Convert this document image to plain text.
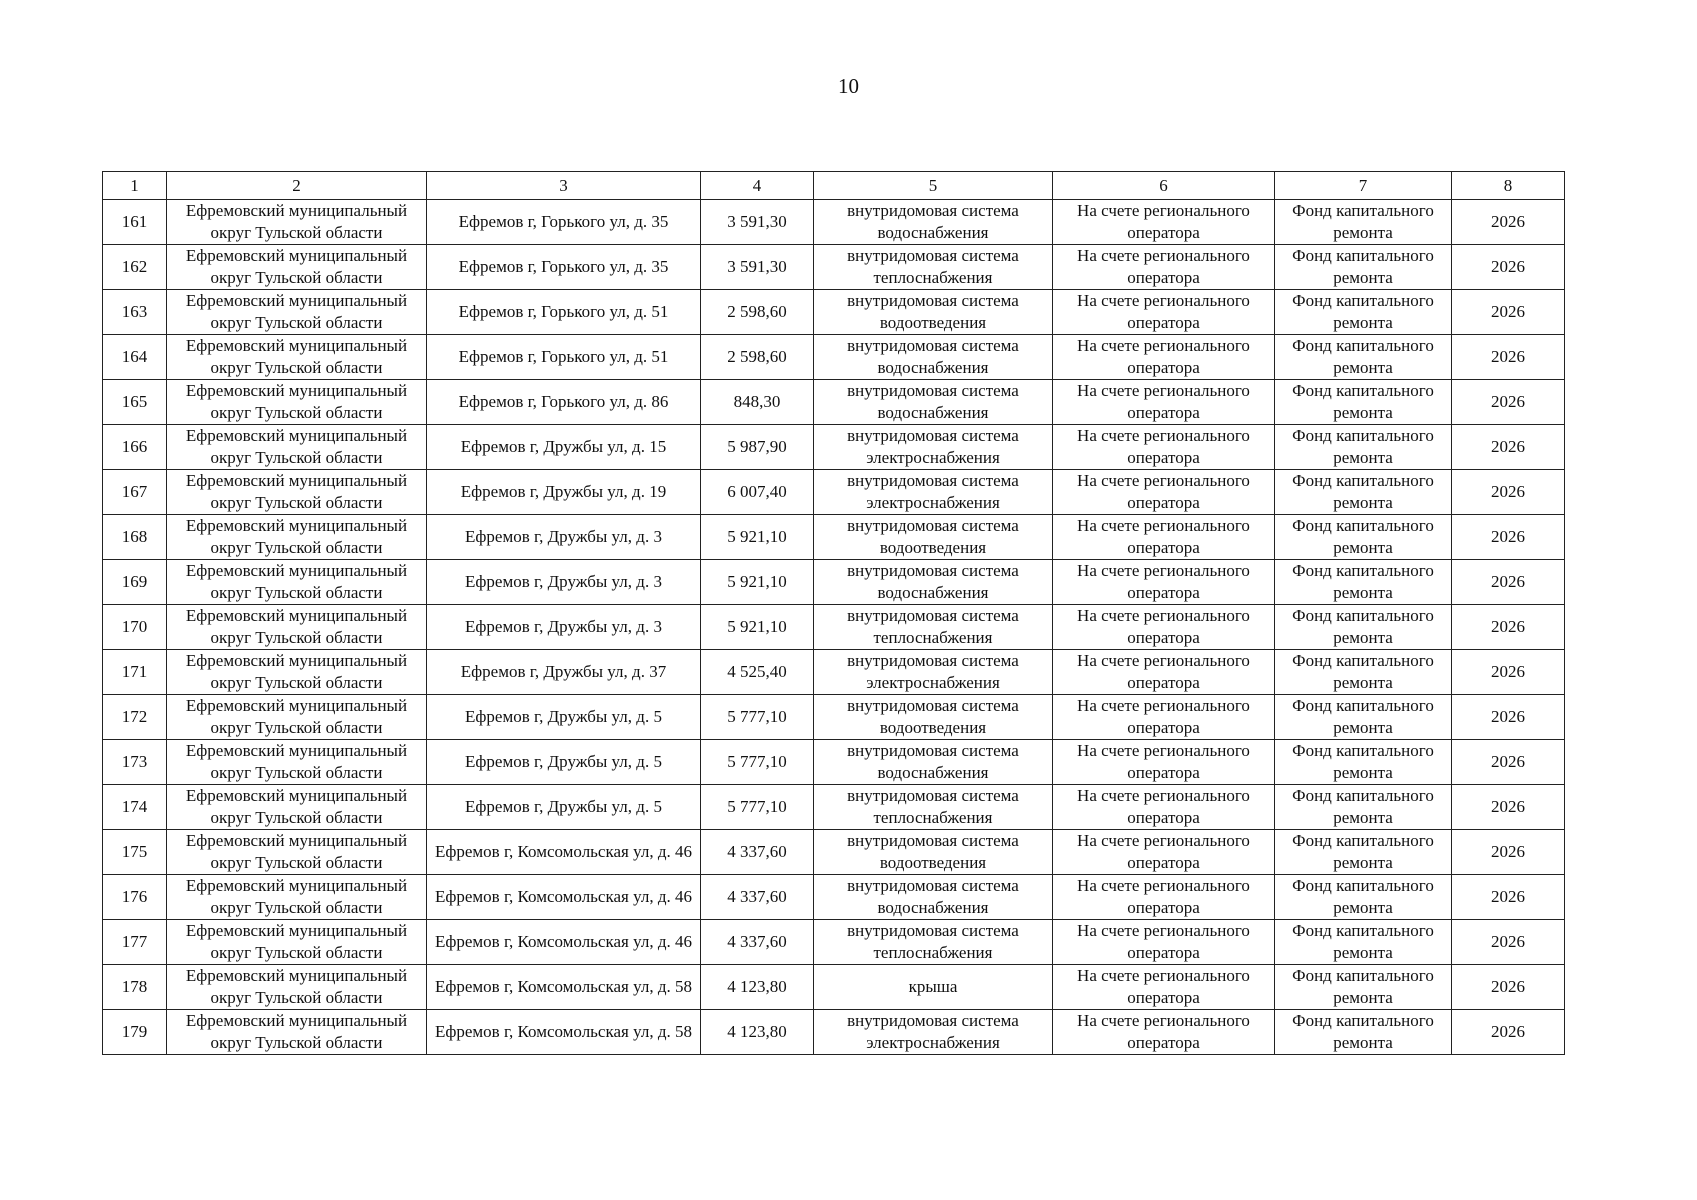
10
1	2	3	4	5	6	7	8
161	Ефремовский муниципальный округ Тульской области	Ефремов г, Горького ул, д. 35	3 591,30	внутридомовая система водоснабжения	На счете регионального оператора	Фонд капитального ремонта	2026
162	Ефремовский муниципальный округ Тульской области	Ефремов г, Горького ул, д. 35	3 591,30	внутридомовая система теплоснабжения	На счете регионального оператора	Фонд капитального ремонта	2026
163	Ефремовский муниципальный округ Тульской области	Ефремов г, Горького ул, д. 51	2 598,60	внутридомовая система водоотведения	На счете регионального оператора	Фонд капитального ремонта	2026
164	Ефремовский муниципальный округ Тульской области	Ефремов г, Горького ул, д. 51	2 598,60	внутридомовая система водоснабжения	На счете регионального оператора	Фонд капитального ремонта	2026
165	Ефремовский муниципальный округ Тульской области	Ефремов г, Горького ул, д. 86	848,30	внутридомовая система водоснабжения	На счете регионального оператора	Фонд капитального ремонта	2026
166	Ефремовский муниципальный округ Тульской области	Ефремов г, Дружбы ул, д. 15	5 987,90	внутридомовая система электроснабжения	На счете регионального оператора	Фонд капитального ремонта	2026
167	Ефремовский муниципальный округ Тульской области	Ефремов г, Дружбы ул, д. 19	6 007,40	внутридомовая система электроснабжения	На счете регионального оператора	Фонд капитального ремонта	2026
168	Ефремовский муниципальный округ Тульской области	Ефремов г, Дружбы ул, д. 3	5 921,10	внутридомовая система водоотведения	На счете регионального оператора	Фонд капитального ремонта	2026
169	Ефремовский муниципальный округ Тульской области	Ефремов г, Дружбы ул, д. 3	5 921,10	внутридомовая система водоснабжения	На счете регионального оператора	Фонд капитального ремонта	2026
170	Ефремовский муниципальный округ Тульской области	Ефремов г, Дружбы ул, д. 3	5 921,10	внутридомовая система теплоснабжения	На счете регионального оператора	Фонд капитального ремонта	2026
171	Ефремовский муниципальный округ Тульской области	Ефремов г, Дружбы ул, д. 37	4 525,40	внутридомовая система электроснабжения	На счете регионального оператора	Фонд капитального ремонта	2026
172	Ефремовский муниципальный округ Тульской области	Ефремов г, Дружбы ул, д. 5	5 777,10	внутридомовая система водоотведения	На счете регионального оператора	Фонд капитального ремонта	2026
173	Ефремовский муниципальный округ Тульской области	Ефремов г, Дружбы ул, д. 5	5 777,10	внутридомовая система водоснабжения	На счете регионального оператора	Фонд капитального ремонта	2026
174	Ефремовский муниципальный округ Тульской области	Ефремов г, Дружбы ул, д. 5	5 777,10	внутридомовая система теплоснабжения	На счете регионального оператора	Фонд капитального ремонта	2026
175	Ефремовский муниципальный округ Тульской области	Ефремов г, Комсомольская ул, д. 46	4 337,60	внутридомовая система водоотведения	На счете регионального оператора	Фонд капитального ремонта	2026
176	Ефремовский муниципальный округ Тульской области	Ефремов г, Комсомольская ул, д. 46	4 337,60	внутридомовая система водоснабжения	На счете регионального оператора	Фонд капитального ремонта	2026
177	Ефремовский муниципальный округ Тульской области	Ефремов г, Комсомольская ул, д. 46	4 337,60	внутридомовая система теплоснабжения	На счете регионального оператора	Фонд капитального ремонта	2026
178	Ефремовский муниципальный округ Тульской области	Ефремов г, Комсомольская ул, д. 58	4 123,80	крыша	На счете регионального оператора	Фонд капитального ремонта	2026
179	Ефремовский муниципальный округ Тульской области	Ефремов г, Комсомольская ул, д. 58	4 123,80	внутридомовая система электроснабжения	На счете регионального оператора	Фонд капитального ремонта	2026
